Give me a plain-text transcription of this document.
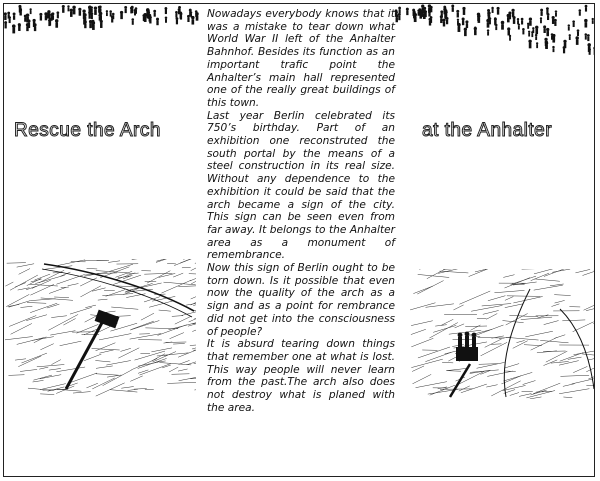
Rescue the Arch	at the Anhalter

Nowadays everybody knows that it was a mistake to tear down what World War II left of the Anhalter Bahnhof. Besides its function as an important trafic point the Anhalter’s main hall represented one of the really great buildings of this town.

Last year Berlin celebrated its 750’s birthday. Part of an exhibition one reconstruted the south portal by the means of a steel construction in its real size. Without any dependence to the exhibition it could be said that the arch became a sign of the city. This sign can be seen even from far away. It belongs to the Anhalter area as a monument of remembrance.

Now this sign of Berlin ought to be torn down. Is it possible that even now the quality of the arch as a sign and as a point for rembrance did not get into the consciousness of people?

It is absurd tearing down things that remember one at what is lost. This way people will never learn from the past.The arch also does not destroy what is planed with the area.
